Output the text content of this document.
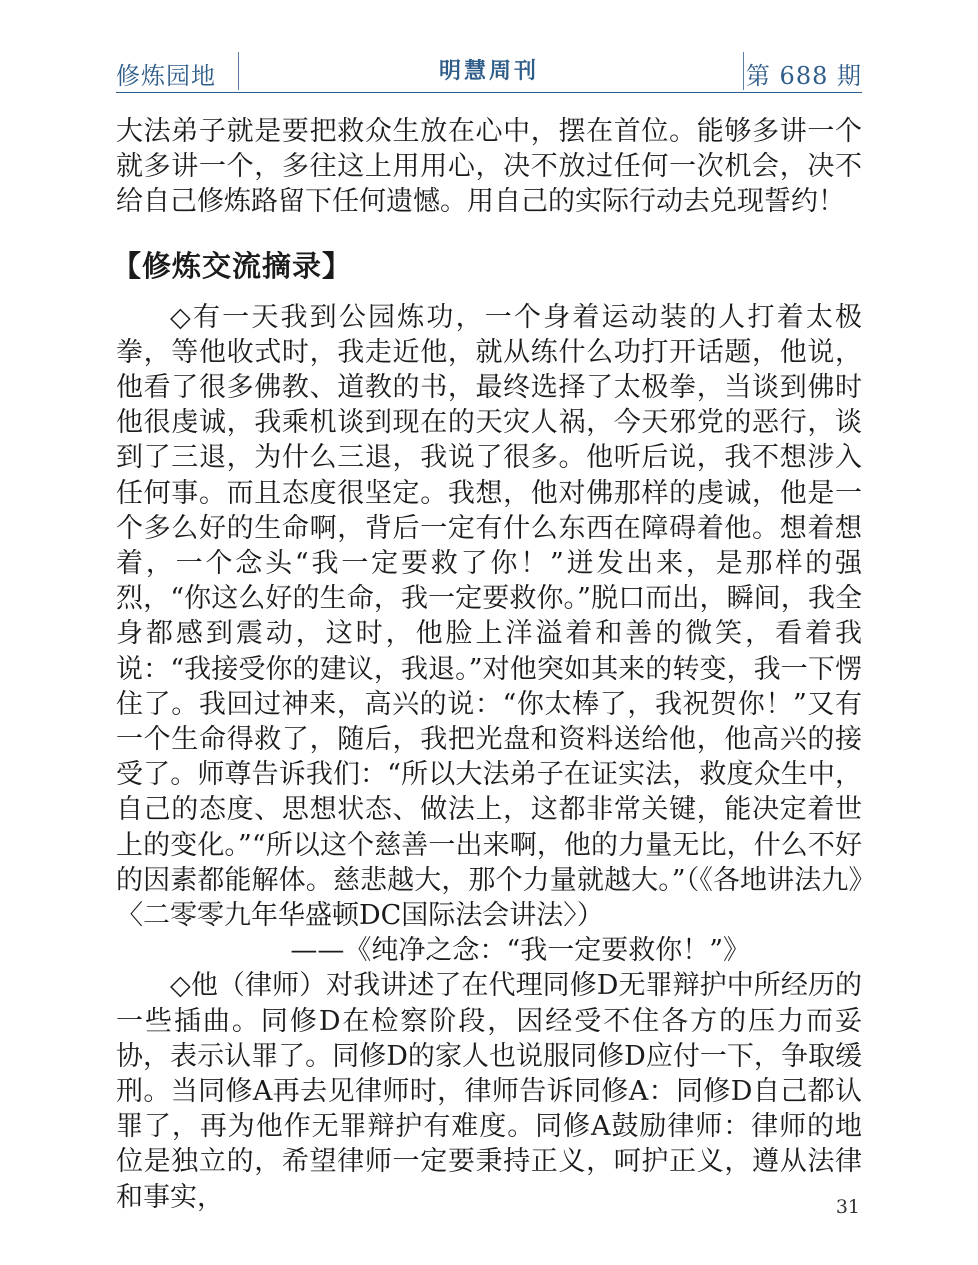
修炼园地	明慧周刊	第 688 期

大法弟子就是要把救众生放在心中，摆在首位。能够多讲一个就多讲一个，多往这上用用心，决不放过任何一次机会，决不给自己修炼路留下任何遗憾。用自己的实际行动去兑现誓约！

【修炼交流摘录】

◇有一天我到公园炼功，一个身着运动装的人打着太极拳，等他收式时，我走近他，就从练什么功打开话题，他说，他看了很多佛教、道教的书，最终选择了太极拳，当谈到佛时他很虔诚，我乘机谈到现在的天灾人祸，今天邪党的恶行，谈到了三退，为什么三退，我说了很多。他听后说，我不想涉入任何事。而且态度很坚定。我想，他对佛那样的虔诚，他是一个多么好的生命啊，背后一定有什么东西在障碍着他。想着想着，一个念头“我一定要救了你！”迸发出来，是那样的强烈，“你这么好的生命，我一定要救你。”脱口而出，瞬间，我全身都感到震动，这时，他脸上洋溢着和善的微笑，看着我说：“我接受你的建议，我退。”对他突如其来的转变，我一下愣住了。我回过神来，高兴的说：“你太棒了，我祝贺你！”又有一个生命得救了，随后，我把光盘和资料送给他，他高兴的接受了。师尊告诉我们：“所以大法弟子在证实法，救度众生中，自己的态度、思想状态、做法上，这都非常关键，能决定着世上的变化。”“所以这个慈善一出来啊，他的力量无比，什么不好的因素都能解体。慈悲越大，那个力量就越大。”（《各地讲法九》〈二零零九年华盛顿DC国际法会讲法〉）

——《纯净之念：“我一定要救你！”》

◇他（律师）对我讲述了在代理同修D无罪辩护中所经历的一些插曲。同修D在检察阶段，因经受不住各方的压力而妥协，表示认罪了。同修D的家人也说服同修D应付一下，争取缓刑。当同修A再去见律师时，律师告诉同修A：同修D自己都认罪了，再为他作无罪辩护有难度。同修A鼓励律师：律师的地位是独立的，希望律师一定要秉持正义，呵护正义，遵从法律和事实，	31
